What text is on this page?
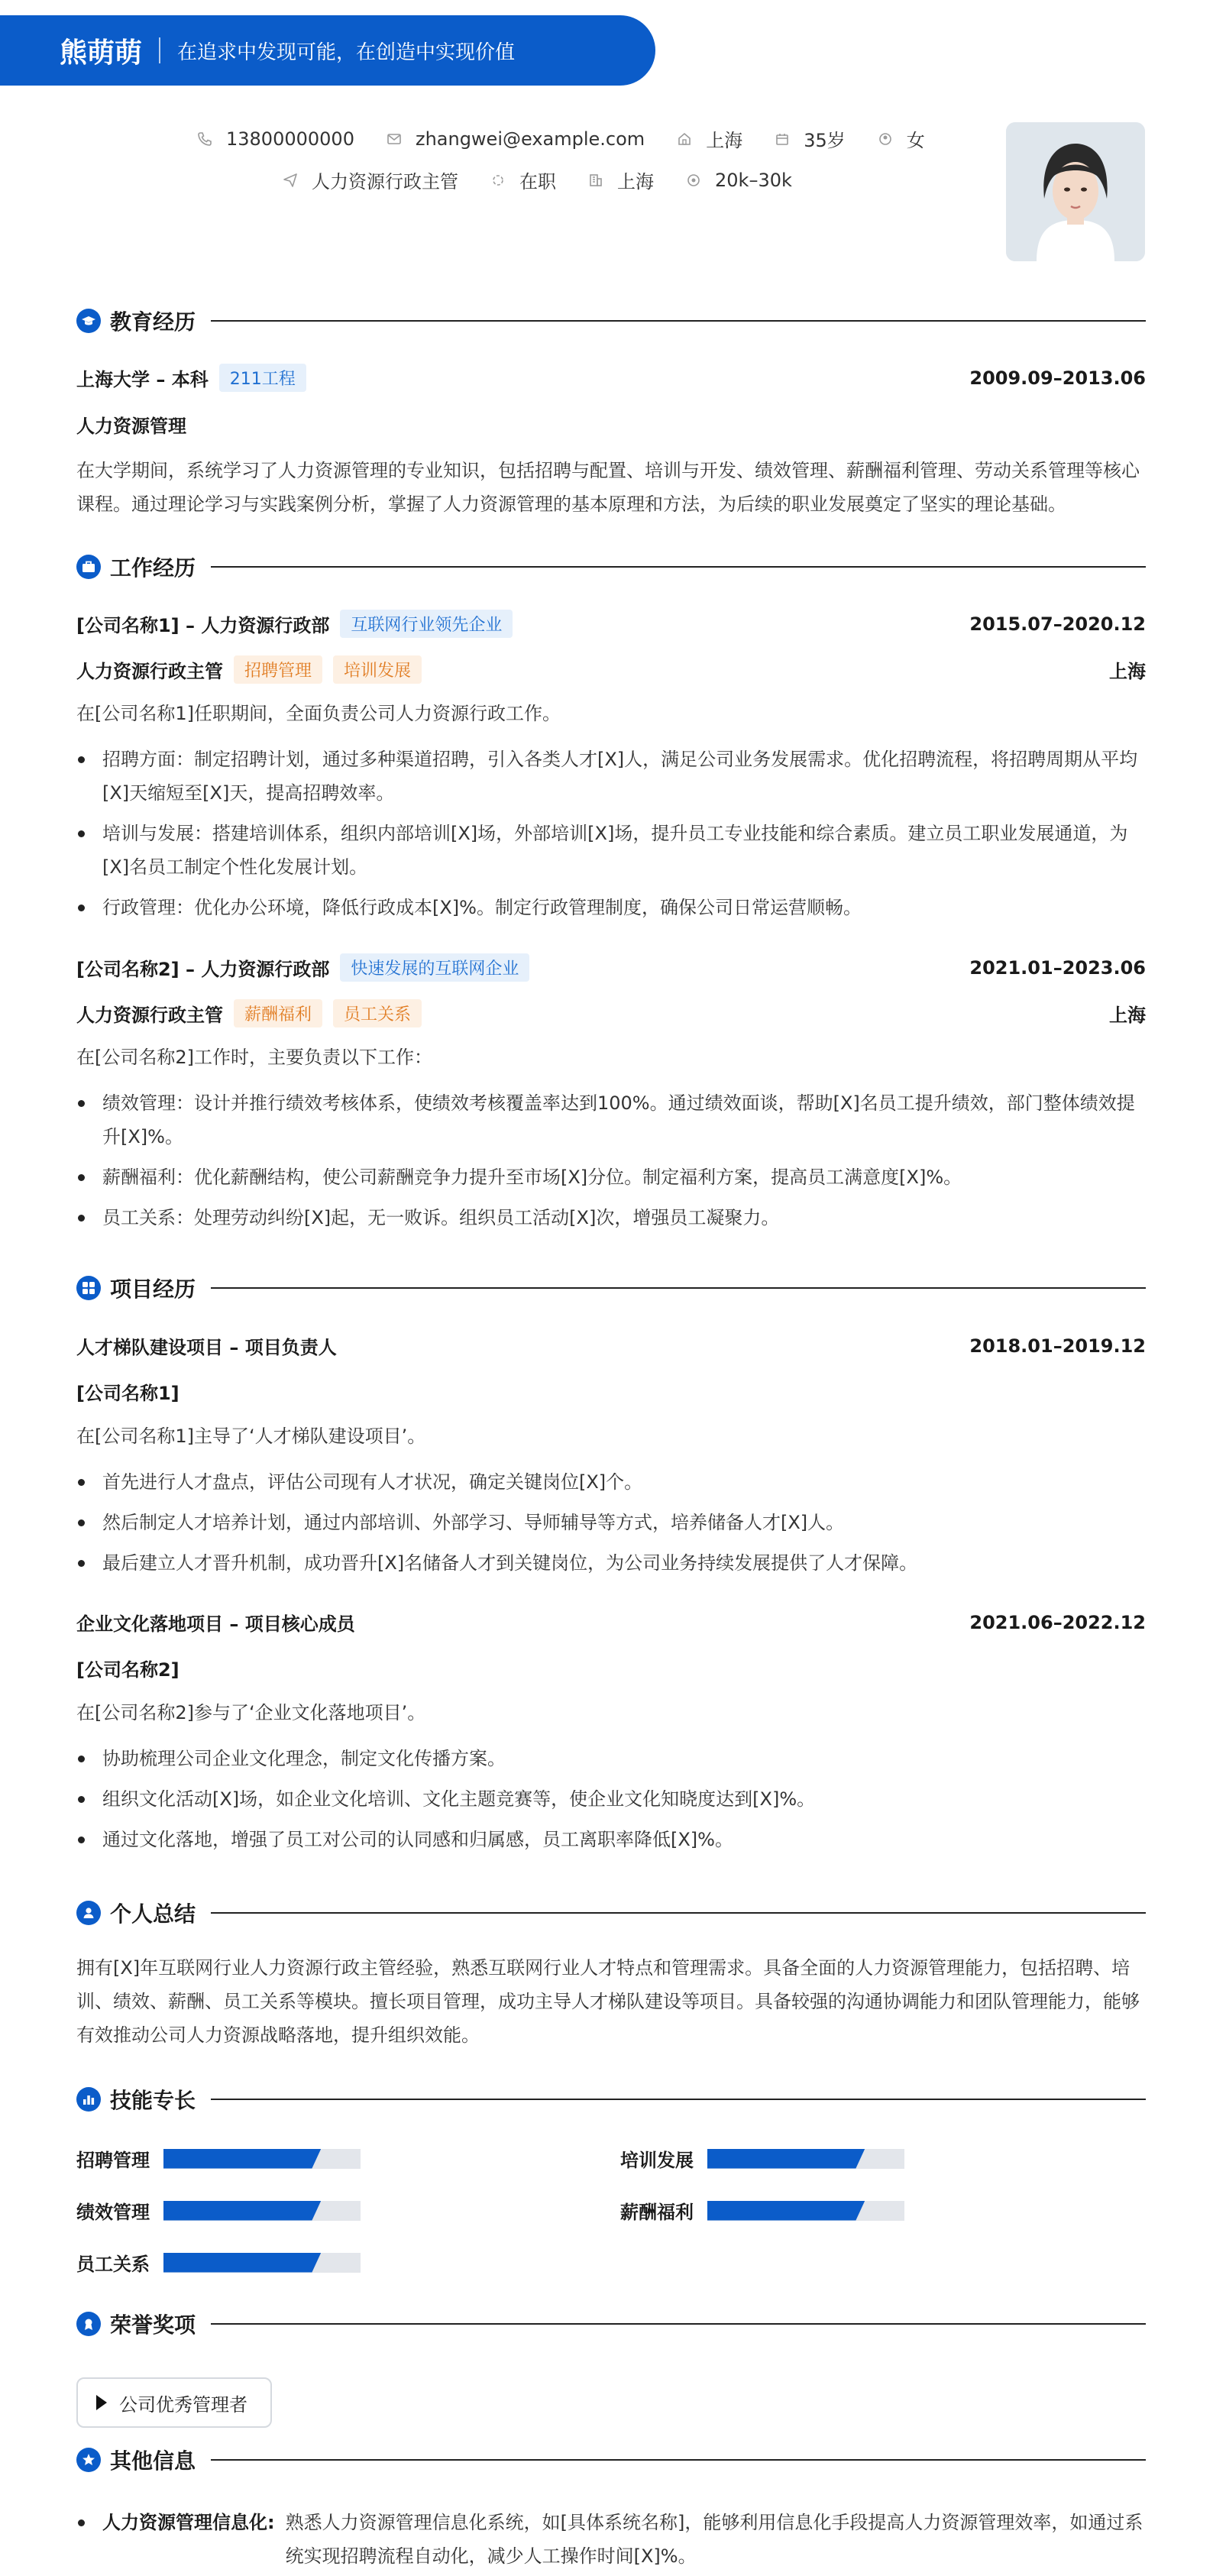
熊萌萌 在追求中发现可能，在创造中实现价值
13800000000	zhangwei@example.com	上海	35岁	女
人力资源行政主管	在职	上海	20k–30k
教育经历
上海大学 – 本科	211工程	2009.09–2013.06
人力资源管理

在大学期间，系统学习了人力资源管理的专业知识，包括招聘与配置、培训与开发、绩效管理、薪酬福利管理、劳动关系管理等核心课程。通过理论学习与实践案例分析，掌握了人力资源管理的基本原理和方法，为后续的职业发展奠定了坚实的理论基础。

工作经历
[公司名称1] – 人力资源行政部	互联网行业领先企业	2015.07–2020.12
人力资源行政主管	招聘管理	培训发展	上海

在[公司名称1]任职期间，全面负责公司人力资源行政工作。

招聘方面：制定招聘计划，通过多种渠道招聘，引入各类人才[X]人，满足公司业务发展需求。优化招聘流程，将招聘周期从平均[X]天缩短至[X]天，提高招聘效率。
培训与发展：搭建培训体系，组织内部培训[X]场，外部培训[X]场，提升员工专业技能和综合素质。建立员工职业发展通道，为[X]名员工制定个性化发展计划。
行政管理：优化办公环境，降低行政成本[X]%。制定行政管理制度，确保公司日常运营顺畅。
[公司名称2] – 人力资源行政部	快速发展的互联网企业	2021.01–2023.06
人力资源行政主管	薪酬福利	员工关系	上海

在[公司名称2]工作时，主要负责以下工作：

绩效管理：设计并推行绩效考核体系，使绩效考核覆盖率达到100%。通过绩效面谈，帮助[X]名员工提升绩效，部门整体绩效提升[X]%。
薪酬福利：优化薪酬结构，使公司薪酬竞争力提升至市场[X]分位。制定福利方案，提高员工满意度[X]%。
员工关系：处理劳动纠纷[X]起，无一败诉。组织员工活动[X]次，增强员工凝聚力。
项目经历
人才梯队建设项目 – 项目负责人	2018.01–2019.12
[公司名称1]

在[公司名称1]主导了‘人才梯队建设项目’。

首先进行人才盘点，评估公司现有人才状况，确定关键岗位[X]个。
然后制定人才培养计划，通过内部培训、外部学习、导师辅导等方式，培养储备人才[X]人。
最后建立人才晋升机制，成功晋升[X]名储备人才到关键岗位，为公司业务持续发展提供了人才保障。
企业文化落地项目 – 项目核心成员	2021.06–2022.12
[公司名称2]

在[公司名称2]参与了‘企业文化落地项目’。

协助梳理公司企业文化理念，制定文化传播方案。
组织文化活动[X]场，如企业文化培训、文化主题竞赛等，使企业文化知晓度达到[X]%。
通过文化落地，增强了员工对公司的认同感和归属感，员工离职率降低[X]%。
个人总结

拥有[X]年互联网行业人力资源行政主管经验，熟悉互联网行业人才特点和管理需求。具备全面的人力资源管理能力，包括招聘、培训、绩效、薪酬、员工关系等模块。擅长项目管理，成功主导人才梯队建设等项目。具备较强的沟通协调能力和团队管理能力，能够有效推动公司人力资源战略落地，提升组织效能。

技能专长
招聘管理	培训发展
绩效管理	薪酬福利
员工关系
荣誉奖项
公司优秀管理者
其他信息
人力资源管理信息化: 熟悉人力资源管理信息化系统，如[具体系统名称]，能够利用信息化手段提高人力资源管理效率，如通过系统实现招聘流程自动化，减少人工操作时间[X]%。
